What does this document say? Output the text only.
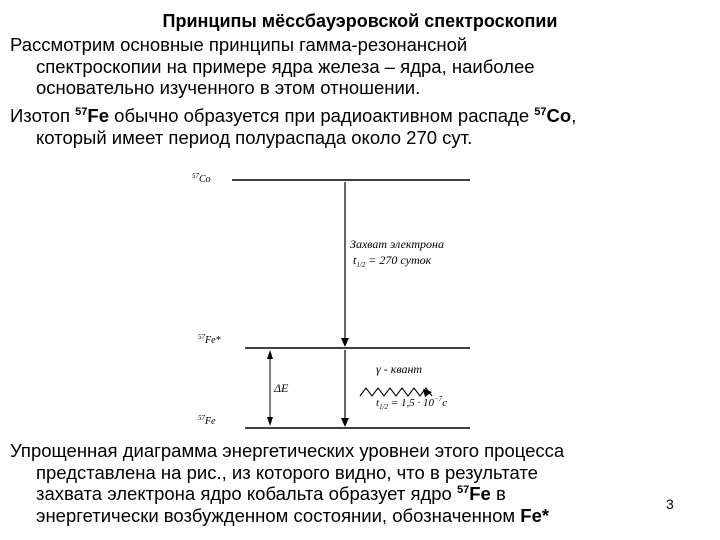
Принципы мёссбауэровской спектроскопии
Рассмотрим основные принципы гамма-резонансной
спектроскопии на примере ядра железа – ядра, наиболее
основательно изученного в этом отношении.
Изотоп $^{57}$Fe обычно образуется при радиоактивном распаде $^{57}$Co,
который имеет период полураспада около 270 сут.
$^{57}$Co
$^{57}$Fe*
$^{57}$Fe
Захват электрона
$t_{1/2} = 270$ суток
ΔE
γ - квант
$t_{1/2} = 1,5 \cdot 10^{-7}c$
Упрощенная диаграмма энергетических уровнеи этого процесса
представлена на рис., из которого видно, что в результате
захвата электрона ядро кобальта образует ядро $^{57}$Fe в
энергетически возбужденном состоянии, обозначенном Fe*
3
